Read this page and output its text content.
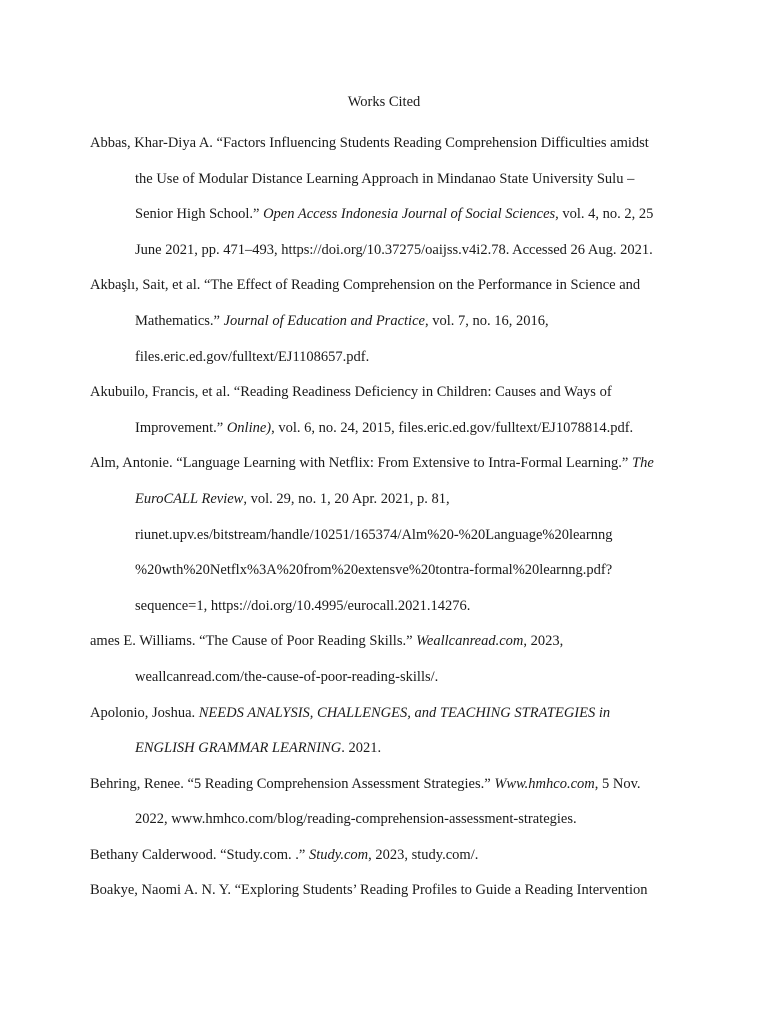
Works Cited
Abbas, Khar-Diya A. “Factors Influencing Students Reading Comprehension Difficulties amidst
the Use of Modular Distance Learning Approach in Mindanao State University Sulu –
Senior High School.” Open Access Indonesia Journal of Social Sciences, vol. 4, no. 2, 25
June 2021, pp. 471–493, https://doi.org/10.37275/oaijss.v4i2.78. Accessed 26 Aug. 2021.
Akbaşlı, Sait, et al. “The Effect of Reading Comprehension on the Performance in Science and
Mathematics.” Journal of Education and Practice, vol. 7, no. 16, 2016,
files.eric.ed.gov/fulltext/EJ1108657.pdf.
Akubuilo, Francis, et al. “Reading Readiness Deficiency in Children: Causes and Ways of
Improvement.” Online), vol. 6, no. 24, 2015, files.eric.ed.gov/fulltext/EJ1078814.pdf.
Alm, Antonie. “Language Learning with Netflix: From Extensive to Intra-Formal Learning.” The
EuroCALL Review, vol. 29, no. 1, 20 Apr. 2021, p. 81,
riunet.upv.es/bitstream/handle/10251/165374/Alm%20-%20Language%20learnng
%20wth%20Netflx%3A%20from%20extensve%20tontra-formal%20learnng.pdf?
sequence=1, https://doi.org/10.4995/eurocall.2021.14276.
ames E. Williams. “The Cause of Poor Reading Skills.” Weallcanread.com, 2023,
weallcanread.com/the-cause-of-poor-reading-skills/.
Apolonio, Joshua. NEEDS ANALYSIS, CHALLENGES, and TEACHING STRATEGIES in
ENGLISH GRAMMAR LEARNING. 2021.
Behring, Renee. “5 Reading Comprehension Assessment Strategies.” Www.hmhco.com, 5 Nov.
2022, www.hmhco.com/blog/reading-comprehension-assessment-strategies.
Bethany Calderwood. “Study.com. .” Study.com, 2023, study.com/.
Boakye, Naomi A. N. Y. “Exploring Students’ Reading Profiles to Guide a Reading Intervention
